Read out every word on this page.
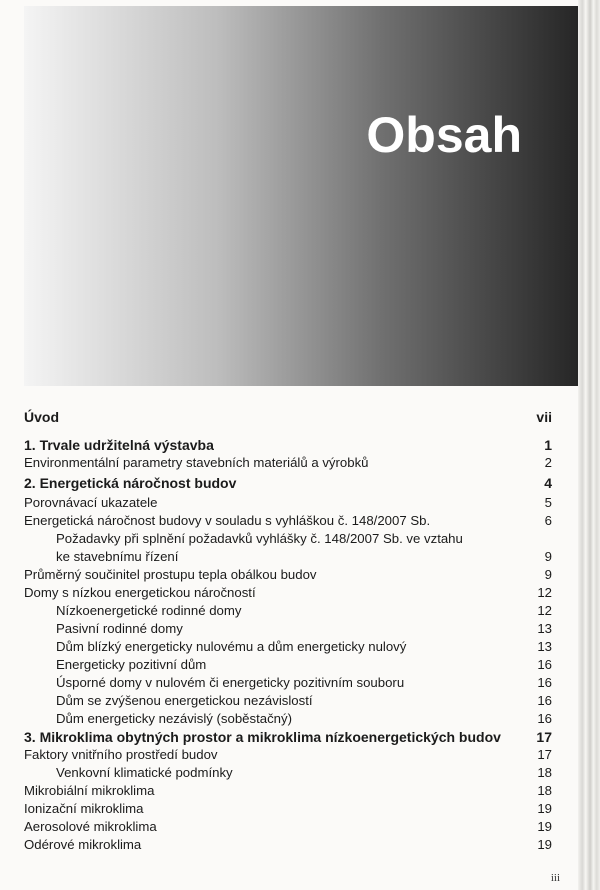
Obsah
Úvod	vii
1. Trvale udržitelná výstavba	1
Environmentální parametry stavebních materiálů a výrobků	2
2. Energetická náročnost budov	4
Porovnávací ukazatele	5
Energetická náročnost budovy v souladu s vyhláškou č. 148/2007 Sb.	6
Požadavky při splnění požadavků vyhlášky č. 148/2007 Sb. ve vztahu
ke stavebnímu řízení	9
Průměrný součinitel prostupu tepla obálkou budov	9
Domy s nízkou energetickou náročností	12
Nízkoenergetické rodinné domy	12
Pasivní rodinné domy	13
Dům blízký energeticky nulovému a dům energeticky nulový	13
Energeticky pozitivní dům	16
Úsporné domy v nulovém či energeticky pozitivním souboru	16
Dům se zvýšenou energetickou nezávislostí	16
Dům energeticky nezávislý (soběstačný)	16
3. Mikroklima obytných prostor a mikroklima nízkoenergetických budov	17
Faktory vnitřního prostředí budov	17
Venkovní klimatické podmínky	18
Mikrobiální mikroklima	18
Ionizační mikroklima	19
Aerosolové mikroklima	19
Odérové mikroklima	19
iii
